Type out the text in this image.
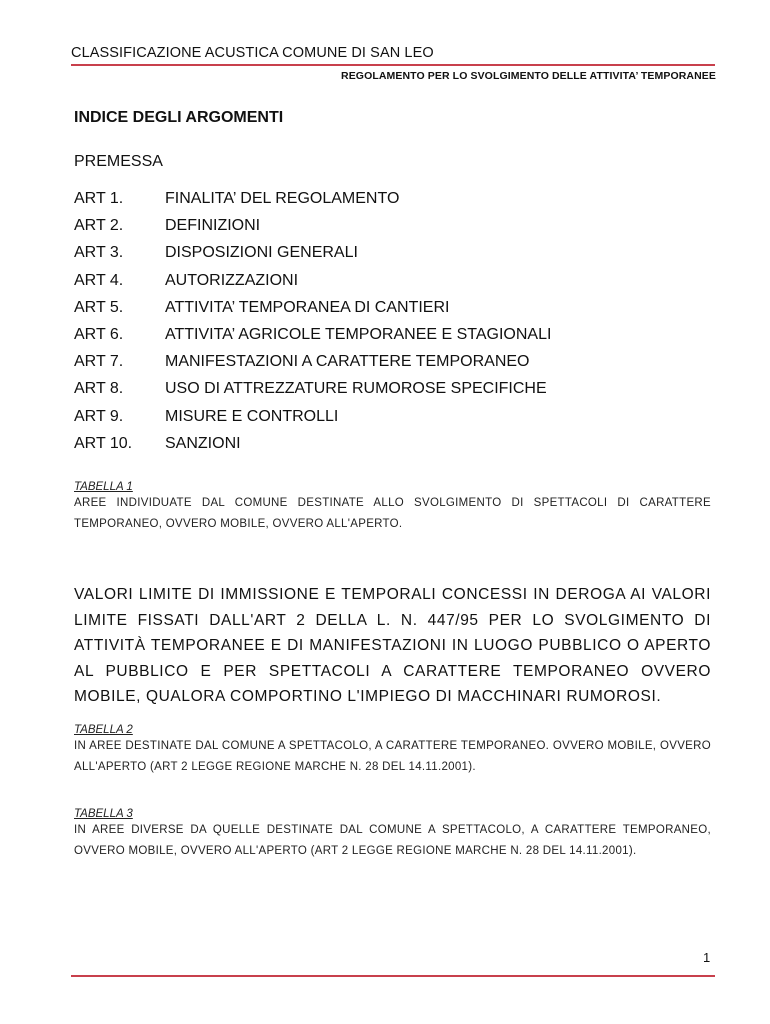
CLASSIFICAZIONE ACUSTICA COMUNE DI SAN LEO
REGOLAMENTO PER LO SVOLGIMENTO DELLE ATTIVITA’ TEMPORANEE
INDICE DEGLI ARGOMENTI
PREMESSA
ART 1.	FINALITA’ DEL REGOLAMENTO
ART 2.	DEFINIZIONI
ART 3.	DISPOSIZIONI GENERALI
ART 4.	AUTORIZZAZIONI
ART 5.	ATTIVITA’ TEMPORANEA DI CANTIERI
ART 6.	ATTIVITA’ AGRICOLE TEMPORANEE E STAGIONALI
ART 7.	MANIFESTAZIONI A CARATTERE TEMPORANEO
ART 8.	USO DI ATTREZZATURE RUMOROSE SPECIFICHE
ART 9.	MISURE E CONTROLLI
ART 10.	SANZIONI
TABELLA 1
AREE INDIVIDUATE DAL COMUNE DESTINATE ALLO SVOLGIMENTO DI SPETTACOLI DI CARATTERE TEMPORANEO, OVVERO MOBILE, OVVERO ALL'APERTO.
VALORI LIMITE DI IMMISSIONE E TEMPORALI CONCESSI IN DEROGA AI VALORI LIMITE FISSATI DALL'ART 2 DELLA L. N. 447/95 PER LO SVOLGIMENTO DI ATTIVITÀ TEMPORANEE E DI MANIFESTAZIONI IN LUOGO PUBBLICO O APERTO AL PUBBLICO E PER SPETTACOLI A CARATTERE TEMPORANEO OVVERO MOBILE, QUALORA COMPORTINO L'IMPIEGO DI MACCHINARI RUMOROSI.
TABELLA 2
IN AREE DESTINATE DAL COMUNE A SPETTACOLO, A CARATTERE TEMPORANEO. OVVERO MOBILE, OVVERO ALL'APERTO (ART 2 LEGGE REGIONE MARCHE N. 28 DEL 14.11.2001).
TABELLA 3
IN AREE DIVERSE DA QUELLE DESTINATE DAL COMUNE A SPETTACOLO, A CARATTERE TEMPORANEO, OVVERO MOBILE, OVVERO ALL'APERTO (ART 2 LEGGE REGIONE MARCHE N. 28 DEL 14.11.2001).
1
